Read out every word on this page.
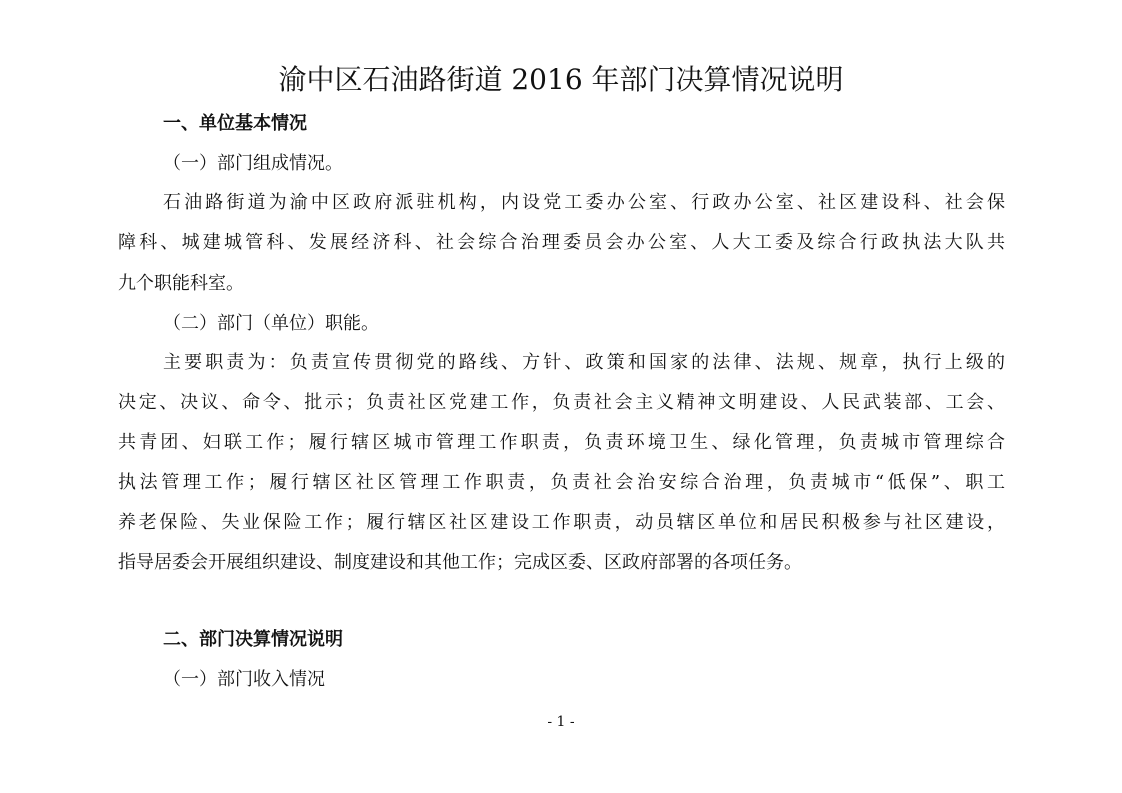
渝中区石油路街道 2016 年部门决算情况说明
一、单位基本情况
（一）部门组成情况。
石油路街道为渝中区政府派驻机构，内设党工委办公室、行政办公室、社区建设科、社会保
障科、城建城管科、发展经济科、社会综合治理委员会办公室、人大工委及综合行政执法大队共
九个职能科室。
（二）部门（单位）职能。
主要职责为：负责宣传贯彻党的路线、方针、政策和国家的法律、法规、规章，执行上级的
决定、决议、命令、批示；负责社区党建工作，负责社会主义精神文明建设、人民武装部、工会、
共青团、妇联工作；履行辖区城市管理工作职责，负责环境卫生、绿化管理，负责城市管理综合
执法管理工作；履行辖区社区管理工作职责，负责社会治安综合治理，负责城市“低保”、职工
养老保险、失业保险工作；履行辖区社区建设工作职责，动员辖区单位和居民积极参与社区建设，
指导居委会开展组织建设、制度建设和其他工作；完成区委、区政府部署的各项任务。
二、部门决算情况说明
（一）部门收入情况
- 1 -
